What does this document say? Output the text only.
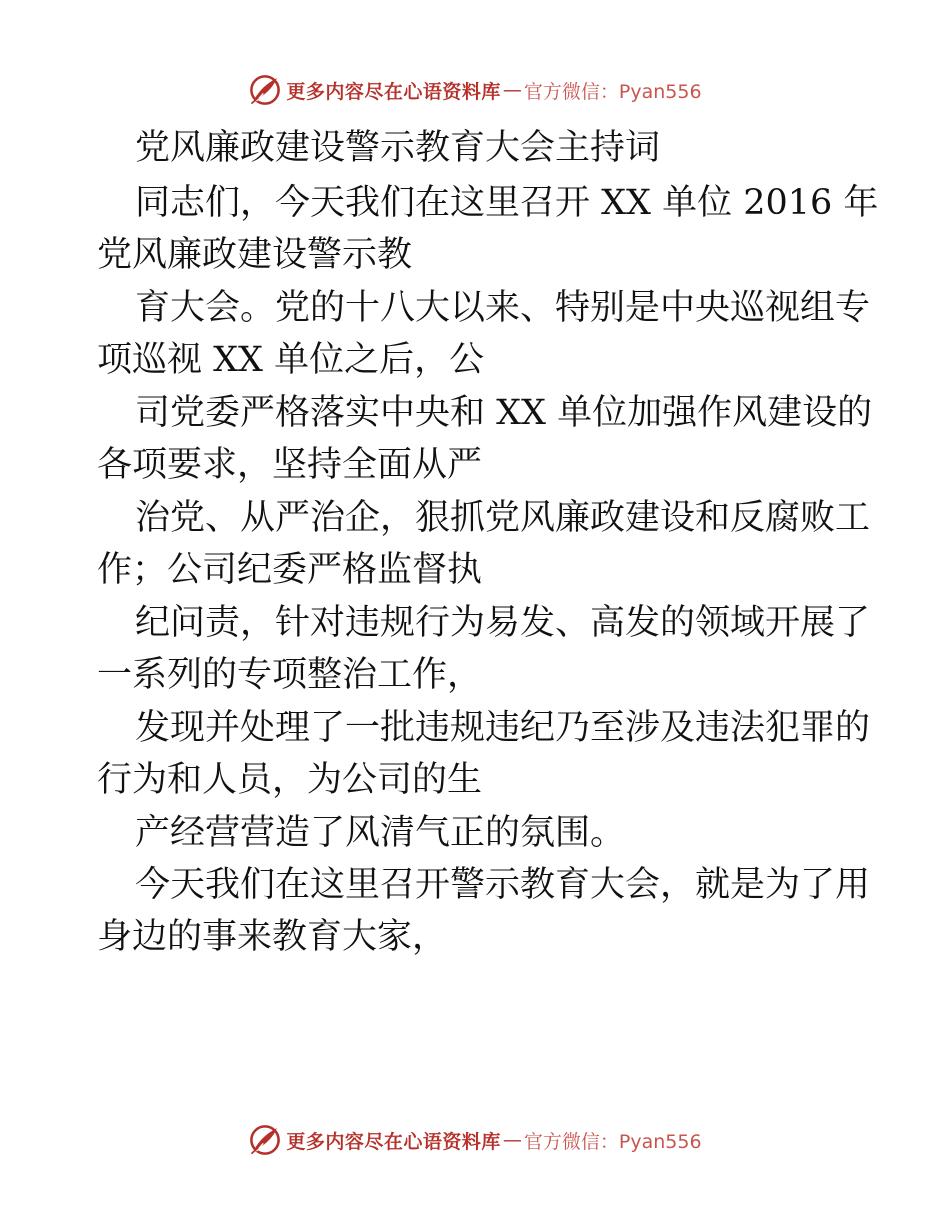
更多内容尽在心语资料库 — 官方微信：Pyan556
党风廉政建设警示教育大会主持词
同志们，今天我们在这里召开 XX 单位 2016 年
党风廉政建设警示教
育大会。党的十八大以来、特别是中央巡视组专
项巡视 XX 单位之后，公
司党委严格落实中央和 XX 单位加强作风建设的
各项要求，坚持全面从严
治党、从严治企，狠抓党风廉政建设和反腐败工
作；公司纪委严格监督执
纪问责，针对违规行为易发、高发的领域开展了
一系列的专项整治工作，
发现并处理了一批违规违纪乃至涉及违法犯罪的
行为和人员，为公司的生
产经营营造了风清气正的氛围。
今天我们在这里召开警示教育大会，就是为了用
身边的事来教育大家，
更多内容尽在心语资料库 — 官方微信：Pyan556
